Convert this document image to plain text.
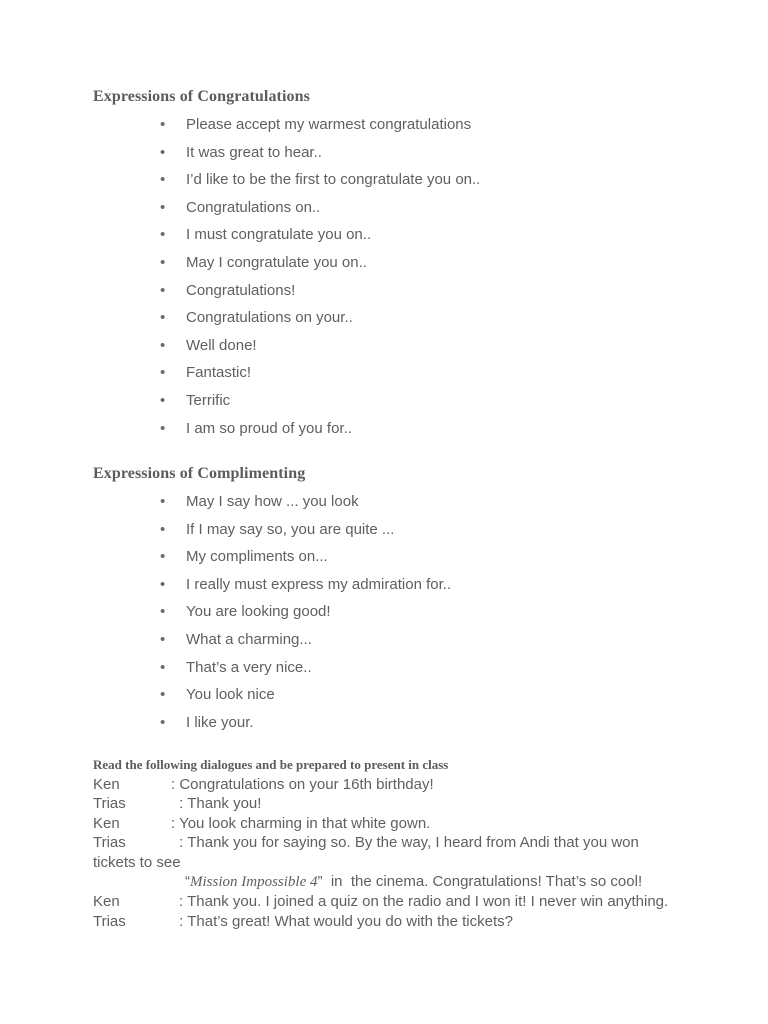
Expressions of Congratulations
• Please accept my warmest congratulations
• It was great to hear..
• I’d like to be the first to congratulate you on..
• Congratulations on..
• I must congratulate you on..
• May I congratulate you on..
• Congratulations!
• Congratulations on your..
• Well done!
• Fantastic!
• Terrific
• I am so proud of you for..
Expressions of Complimenting
• May I say how ... you look
• If I may say so, you are quite ...
• My compliments on...
• I really must express my admiration for..
• You are looking good!
• What a charming...
• That’s a very nice..
• You look nice
• I like your.

Read the following dialogues and be prepared to present in class

Ken	: Congratulations on your 16th birthday!
Trias	: Thank you!
Ken	: You look charming in that white gown.
Trias	: Thank you for saying so. By the way, I heard from Andi that you won
tickets to see
“Mission Impossible 4”  in  the cinema. Congratulations! That’s so cool!
Ken	: Thank you. I joined a quiz on the radio and I won it! I never win anything.
Trias	: That’s great! What would you do with the tickets?
